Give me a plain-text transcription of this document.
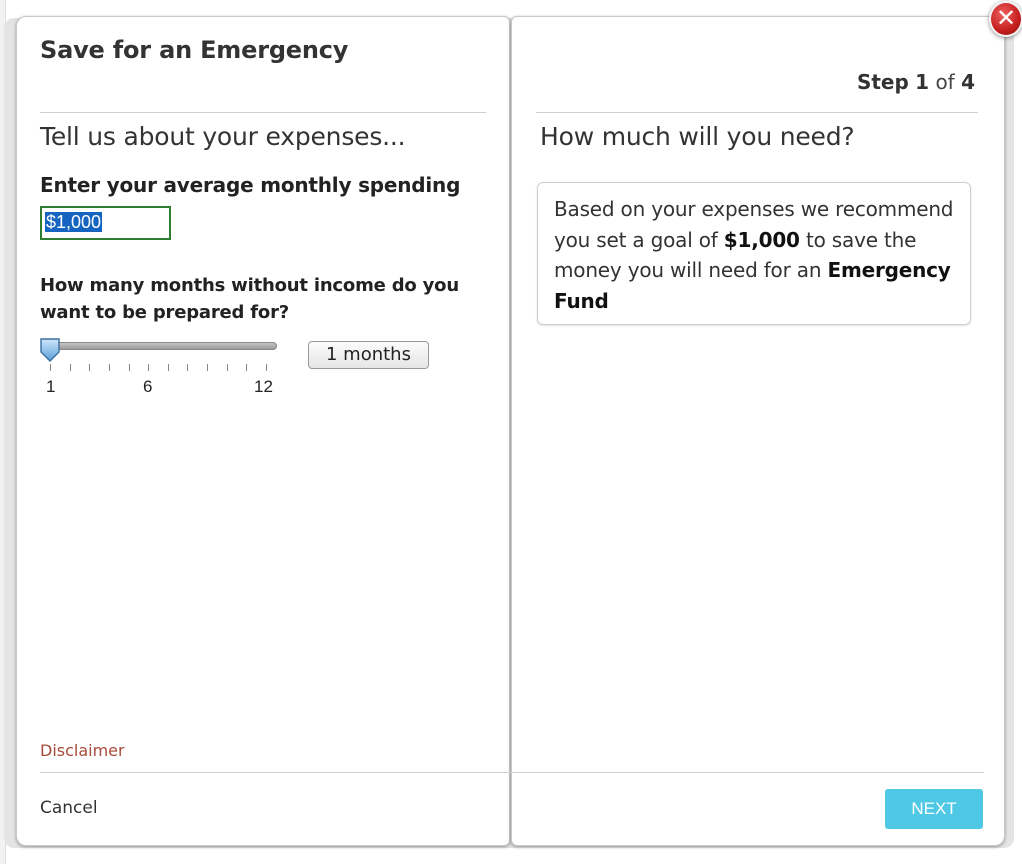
Save for an Emergency
Step 1 of 4
Tell us about your expenses...
Enter your average monthly spending
$1,000
How many months without income do you want to be prepared for?
1	6	12
1 months
How much will you need?
Based on your expenses we recommend you set a goal of $1,000 to save the money you will need for an Emergency Fund
Disclaimer
Cancel	NEXT
✕
